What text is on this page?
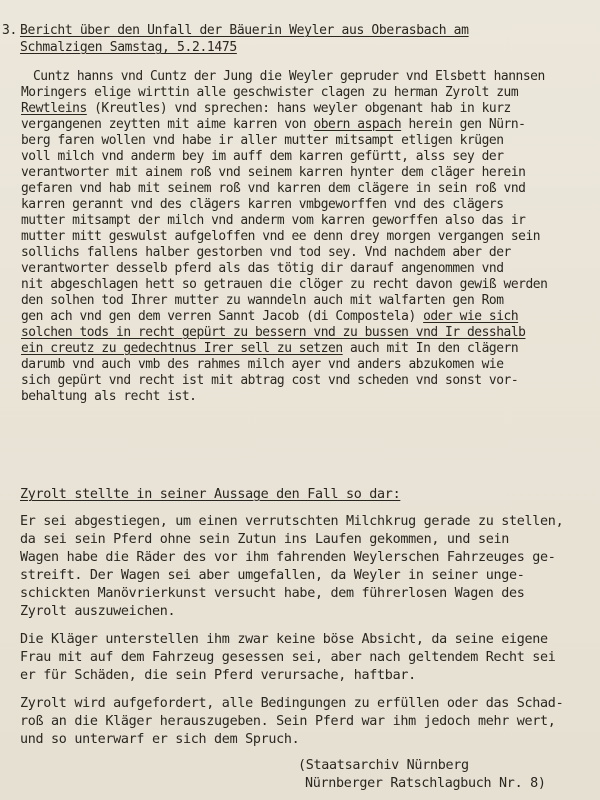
3. Bericht über den Unfall der Bäuerin Weyler aus Oberasbach am
Schmalzigen Samstag, 5.2.1475
Cuntz hanns vnd Cuntz der Jung die Weyler gepruder vnd Elsbett hannsen
Moringers elige wirttin alle geschwister clagen zu herman Zyrolt zum
Rewtleins (Kreutles) vnd sprechen: hans weyler obgenant hab in kurz
vergangenen zeytten mit aime karren von obern aspach herein gen Nürn-
berg faren wollen vnd habe ir aller mutter mitsampt etligen krügen
voll milch vnd anderm bey im auff dem karren gefürtt, alss sey der
verantworter mit ainem roß vnd seinem karren hynter dem cläger herein
gefaren vnd hab mit seinem roß vnd karren dem clägere in sein roß vnd
karren gerannt vnd des clägers karren vmbgeworffen vnd des clägers
mutter mitsampt der milch vnd anderm vom karren geworffen also das ir
mutter mitt geswulst aufgeloffen vnd ee denn drey morgen vergangen sein
sollichs fallens halber gestorben vnd tod sey. Vnd nachdem aber der
verantworter desselb pferd als das tötig dir darauf angenommen vnd
nit abgeschlagen hett so getrauen die clöger zu recht davon gewiß werden
den solhen tod Ihrer mutter zu wanndeln auch mit walfarten gen Rom
gen ach vnd gen dem verren Sannt Jacob (di Compostela) oder wie sich
solchen tods in recht gepürt zu bessern vnd zu bussen vnd Ir desshalb
ein creutz zu gedechtnus Irer sell zu setzen auch mit In den clägern
darumb vnd auch vmb des rahmes milch ayer vnd anders abzukomen wie
sich gepürt vnd recht ist mit abtrag cost vnd scheden vnd sonst vor-
behaltung als recht ist.
Zyrolt stellte in seiner Aussage den Fall so dar:
Er sei abgestiegen, um einen verrutschten Milchkrug gerade zu stellen,
da sei sein Pferd ohne sein Zutun ins Laufen gekommen, und sein
Wagen habe die Räder des vor ihm fahrenden Weylerschen Fahrzeuges ge-
streift. Der Wagen sei aber umgefallen, da Weyler in seiner unge-
schickten Manövrierkunst versucht habe, dem führerlosen Wagen des
Zyrolt auszuweichen.
Die Kläger unterstellen ihm zwar keine böse Absicht, da seine eigene
Frau mit auf dem Fahrzeug gesessen sei, aber nach geltendem Recht sei
er für Schäden, die sein Pferd verursache, haftbar.
Zyrolt wird aufgefordert, alle Bedingungen zu erfüllen oder das Schad-
roß an die Kläger herauszugeben. Sein Pferd war ihm jedoch mehr wert,
und so unterwarf er sich dem Spruch.
(Staatsarchiv Nürnberg
Nürnberger Ratschlagbuch Nr. 8)
